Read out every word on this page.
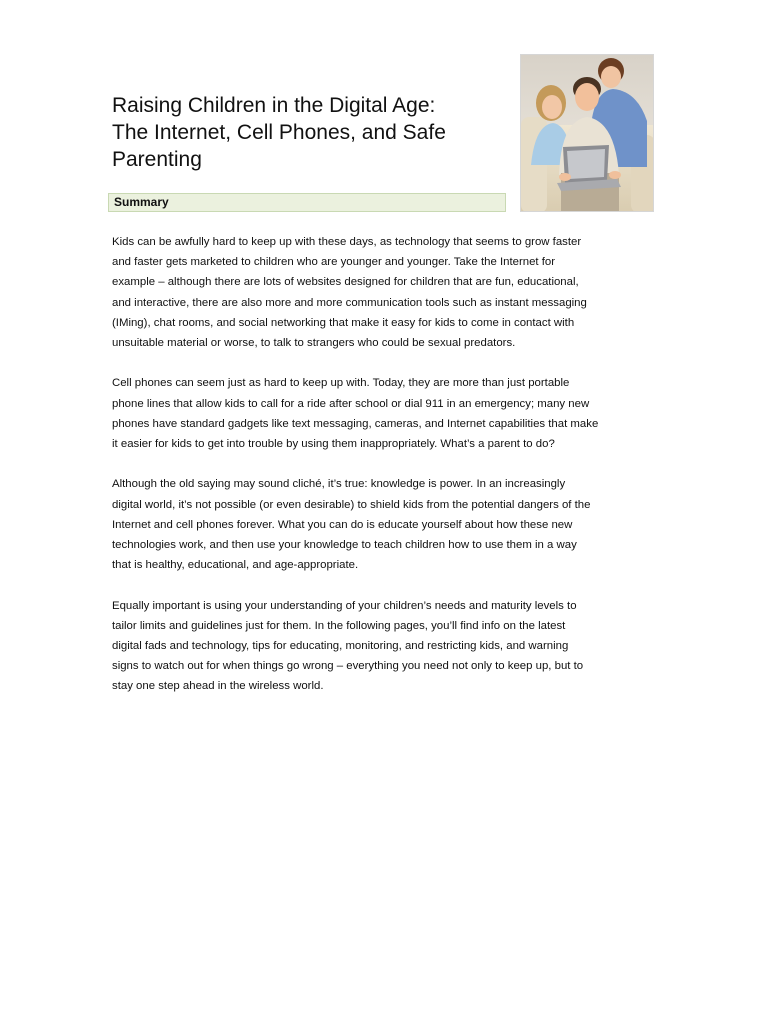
Raising Children in the Digital Age:
The Internet, Cell Phones, and Safe
Parenting
Summary

Kids can be awfully hard to keep up with these days, as technology that seems to grow faster
and faster gets marketed to children who are younger and younger. Take the Internet for
example – although there are lots of websites designed for children that are fun, educational,
and interactive, there are also more and more communication tools such as instant messaging
(IMing), chat rooms, and social networking that make it easy for kids to come in contact with
unsuitable material or worse, to talk to strangers who could be sexual predators.

Cell phones can seem just as hard to keep up with. Today, they are more than just portable
phone lines that allow kids to call for a ride after school or dial 911 in an emergency; many new
phones have standard gadgets like text messaging, cameras, and Internet capabilities that make
it easier for kids to get into trouble by using them inappropriately. What’s a parent to do?

Although the old saying may sound cliché, it’s true: knowledge is power. In an increasingly
digital world, it’s not possible (or even desirable) to shield kids from the potential dangers of the
Internet and cell phones forever. What you can do is educate yourself about how these new
technologies work, and then use your knowledge to teach children how to use them in a way
that is healthy, educational, and age-appropriate.

Equally important is using your understanding of your children’s needs and maturity levels to
tailor limits and guidelines just for them. In the following pages, you’ll find info on the latest
digital fads and technology, tips for educating, monitoring, and restricting kids, and warning
signs to watch out for when things go wrong – everything you need not only to keep up, but to
stay one step ahead in the wireless world.
